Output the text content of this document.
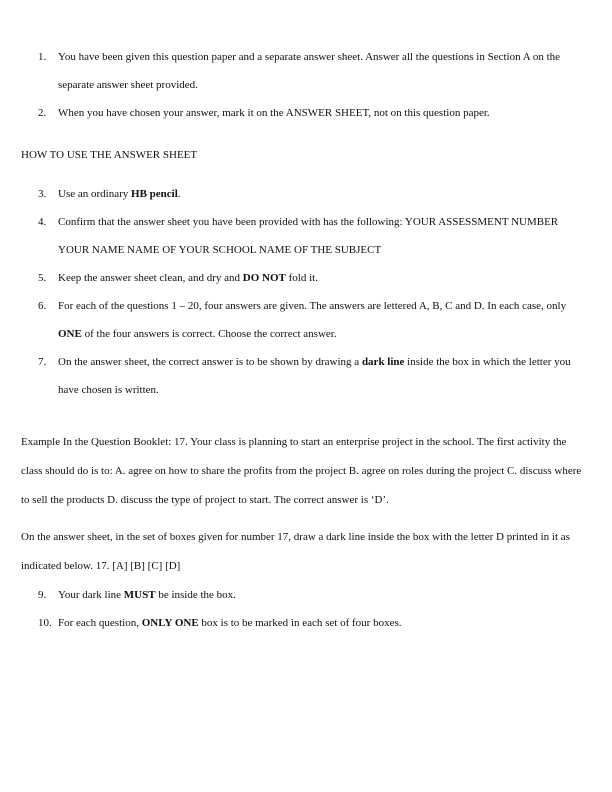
1. You have been given this question paper and a separate answer sheet. Answer all the questions in Section A on the separate answer sheet provided.
2. When you have chosen your answer, mark it on the ANSWER SHEET, not on this question paper.
HOW TO USE THE ANSWER SHEET
3. Use an ordinary HB pencil.
4. Confirm that the answer sheet you have been provided with has the following: YOUR ASSESSMENT NUMBER YOUR NAME NAME OF YOUR SCHOOL NAME OF THE SUBJECT
5. Keep the answer sheet clean, and dry and DO NOT fold it.
6. For each of the questions 1 – 20, four answers are given. The answers are lettered A, B, C and D. In each case, only ONE of the four answers is correct. Choose the correct answer.
7. On the answer sheet, the correct answer is to be shown by drawing a dark line inside the box in which the letter you have chosen is written.

Example In the Question Booklet: 17. Your class is planning to start an enterprise project in the school. The first activity the class should do is to: A. agree on how to share the profits from the project B. agree on roles during the project C. discuss where to sell the products D. discuss the type of project to start. The correct answer is ‘D’.

On the answer sheet, in the set of boxes given for number 17, draw a dark line inside the box with the letter D printed in it as indicated below. 17. [A] [B] [C] [D]

9. Your dark line MUST be inside the box.
10. For each question, ONLY ONE box is to be marked in each set of four boxes.
